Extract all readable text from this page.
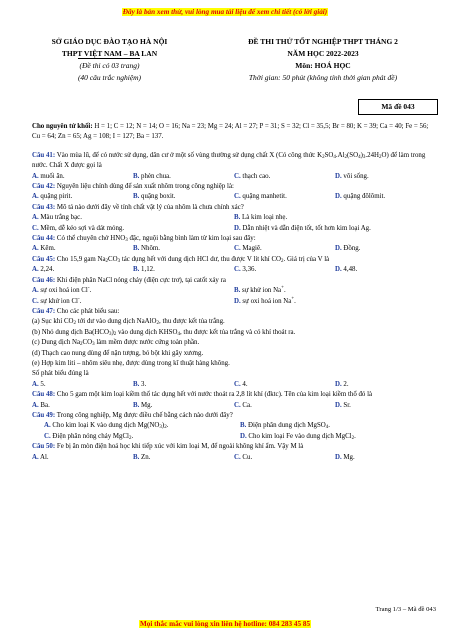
Đây là bản xem thử, vui lòng mua tài liệu để xem chi tiết (có lời giải)
SỞ GIÁO DỤC ĐÀO TẠO HÀ NỘI
THPT VIỆT NAM – BA LAN
(Đề thi có 03 trang)
(40 câu trắc nghiệm)
ĐỀ THI THỬ TỐT NGHIỆP THPT THÁNG 2
NĂM HỌC 2022-2023
Môn: HOÁ HỌC
Thời gian: 50 phút (không tính thời gian phát đề)
Mã đề 043

Cho nguyên tử khối: H = 1; C = 12; N = 14; O = 16; Na = 23; Mg = 24; Al = 27; P = 31; S = 32; Cl = 35,5; Br = 80; K = 39; Ca = 40; Fe = 56; Cu = 64; Zn = 65; Ag = 108; I = 127; Ba = 137.

Câu 41: Vào mùa lũ, để có nước sử dụng, dân cư ở một số vùng thường sử dụng chất X (Có công thức $K_2SO_4.Al_2(SO_4)_3.24H_2O$) để làm trong nước. Chất X được gọi là

A. muối ăn.	B. phèn chua.	C. thạch cao.	D. vôi sống.

Câu 42: Nguyên liệu chính dùng để sản xuất nhôm trong công nghiệp là:

A. quặng pirit.	B. quặng boxit.	C. quặng manhetit.	D. quặng đôlômit.

Câu 43: Mô tả nào dưới đây về tính chất vật lý của nhôm là chưa chính xác?

A. Màu trắng bạc.	B. Là kim loại nhẹ.
C. Mềm, dễ kéo sợi và dát mỏng.	D. Dẫn nhiệt và dẫn điện tốt, tốt hơn kim loại Ag.

Câu 44: Có thể chuyên chở $HNO_3$ đặc, nguội bằng bình làm từ kim loại sau đây:

A. Kẽm.	B. Nhôm.	C. Magiê.	D. Đồng.

Câu 45: Cho 15,9 gam $Na_2CO_3$ tác dụng hết với dung dịch HCl dư, thu được V lít khí $CO_2$. Giá trị của V là

A. 2,24.	B. 1,12.	C. 3,36.	D. 4,48.

Câu 46: Khi điện phân NaCl nóng chảy (điện cực trơ), tại catốt xảy ra

A. sự oxi hoá ion Cl-.	B. sự khử ion Na+.
C. sự khử ion Cl-.	D. sự oxi hoá ion Na+.

Câu 47: Cho các phát biểu sau:

(a) Sục khí $CO_2$ tới dư vào dung dịch NaAlO$_2$, thu được kết tủa trắng.

(b) Nhỏ dung dịch $Ba(HCO_3)_2$ vào dung dịch $KHSO_4$, thu được kết tủa trắng và có khí thoát ra.

(c) Dung dịch $Na_2CO_3$ làm mềm được nước cứng toàn phần.

(d) Thạch cao nung dùng để nặn tượng, bó bột khi gãy xương.

(e) Hợp kim liti – nhôm siêu nhẹ, được dùng trong kĩ thuật hàng không.

Số phát biểu đúng là

A. 5.	B. 3.	C. 4.	D. 2.

Câu 48: Cho 5 gam một kim loại kiềm thổ tác dụng hết với nước thoát ra 2,8 lít khí (đktc). Tên của kim loại kiềm thổ đó là

A. Ba.	B. Mg.	C. Ca.	D. Sr.

Câu 49: Trong công nghiệp, Mg được điều chế bằng cách nào dưới đây?

A. Cho kim loại K vào dung dịch $Mg(NO_3)_2$.	B. Điện phân dung dịch MgSO$_4$.
C. Điện phân nóng chảy MgCl$_2$.	D. Cho kim loại Fe vào dung dịch MgCl$_2$.

Câu 50: Fe bị ăn mòn điện hoá học khi tiếp xúc với kim loại M, để ngoài không khí ẩm. Vậy M là

A. Al.	B. Zn.	C. Cu.	D. Mg.
Trang 1/3 – Mã đề 043
Mọi thắc mắc vui lòng xin liên hệ hotline: 084 283 45 85
